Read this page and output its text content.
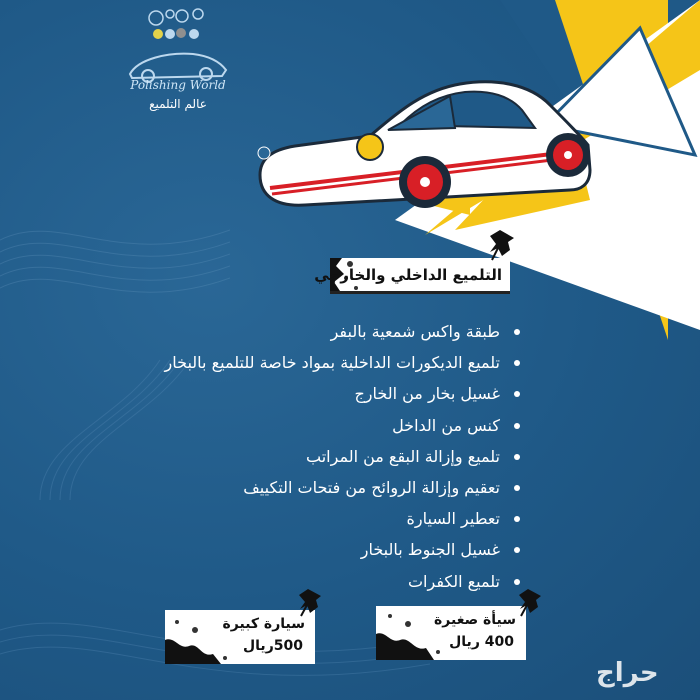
Polishing World
عالم التلميع
التلميع الداخلي والخارجي
طبقة واكس شمعية بالبفر
تلميع الديكورات الداخلية بمواد خاصة للتلميع بالبخار
غسيل بخار من الخارج
كنس من الداخل
تلميع وإزالة البقع من المراتب
تعقيم وإزالة الروائح من فتحات التكييف
تعطير السيارة
غسيل الجنوط بالبخار
تلميع الكفرات
سيارة كبيرة
500ريال
سيأة صغيرة
400 ريال
حراج
